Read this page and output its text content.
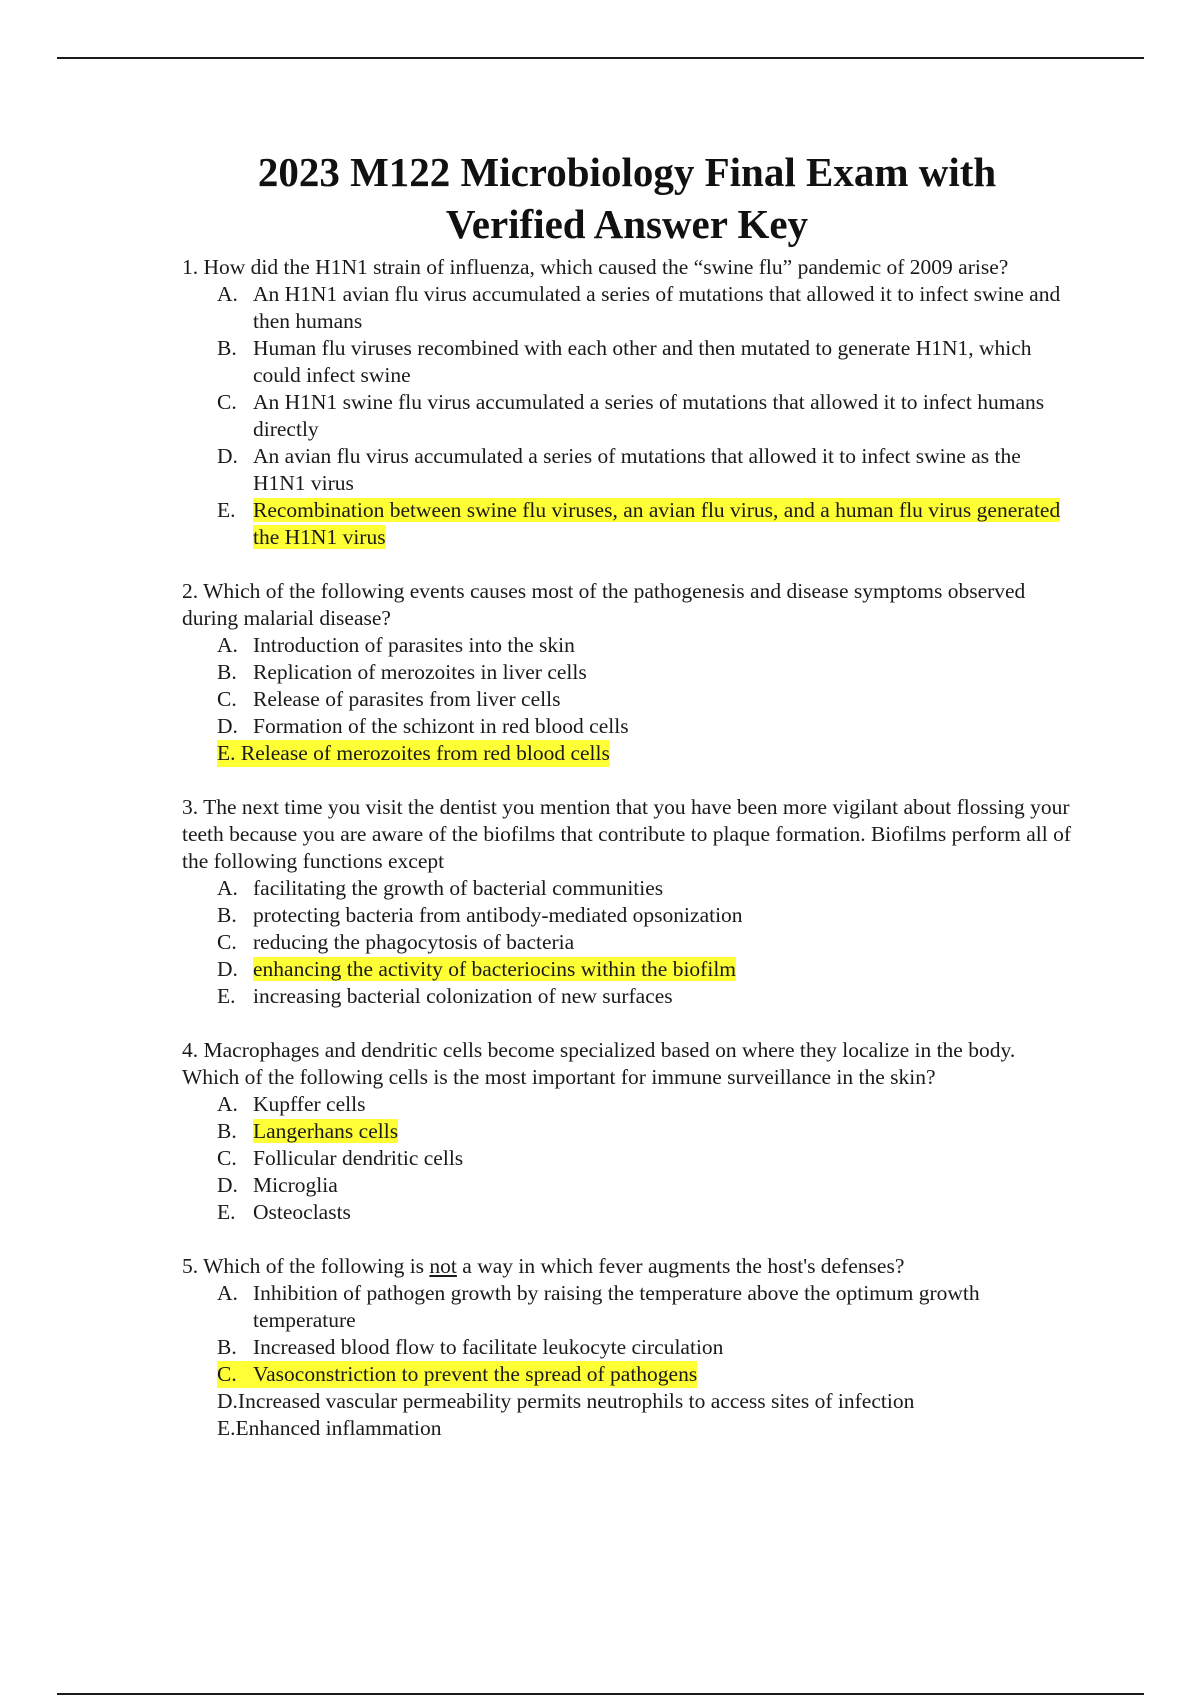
2023 M122 Microbiology Final Exam with
Verified Answer Key

1. How did the H1N1 strain of influenza, which caused the “swine flu” pandemic of 2009 arise?

A. An H1N1 avian flu virus accumulated a series of mutations that allowed it to infect swine and then humans
B. Human flu viruses recombined with each other and then mutated to generate H1N1, which could infect swine
C. An H1N1 swine flu virus accumulated a series of mutations that allowed it to infect humans directly
D. An avian flu virus accumulated a series of mutations that allowed it to infect swine as the H1N1 virus
E. Recombination between swine flu viruses, an avian flu virus, and a human flu virus generated the H1N1 virus

2. Which of the following events causes most of the pathogenesis and disease symptoms observed during malarial disease?

A. Introduction of parasites into the skin
B. Replication of merozoites in liver cells
C. Release of parasites from liver cells
D. Formation of the schizont in red blood cells
E. Release of merozoites from red blood cells

3. The next time you visit the dentist you mention that you have been more vigilant about flossing your teeth because you are aware of the biofilms that contribute to plaque formation. Biofilms perform all of the following functions except

A. facilitating the growth of bacterial communities
B. protecting bacteria from antibody-mediated opsonization
C. reducing the phagocytosis of bacteria
D. enhancing the activity of bacteriocins within the biofilm
E. increasing bacterial colonization of new surfaces

4. Macrophages and dendritic cells become specialized based on where they localize in the body. Which of the following cells is the most important for immune surveillance in the skin?

A. Kupffer cells
B. Langerhans cells
C. Follicular dendritic cells
D. Microglia
E. Osteoclasts

5. Which of the following is not a way in which fever augments the host's defenses?

A. Inhibition of pathogen growth by raising the temperature above the optimum growth temperature
B. Increased blood flow to facilitate leukocyte circulation
C. Vasoconstriction to prevent the spread of pathogens
D. Increased vascular permeability permits neutrophils to access sites of infection
E. Enhanced inflammation
